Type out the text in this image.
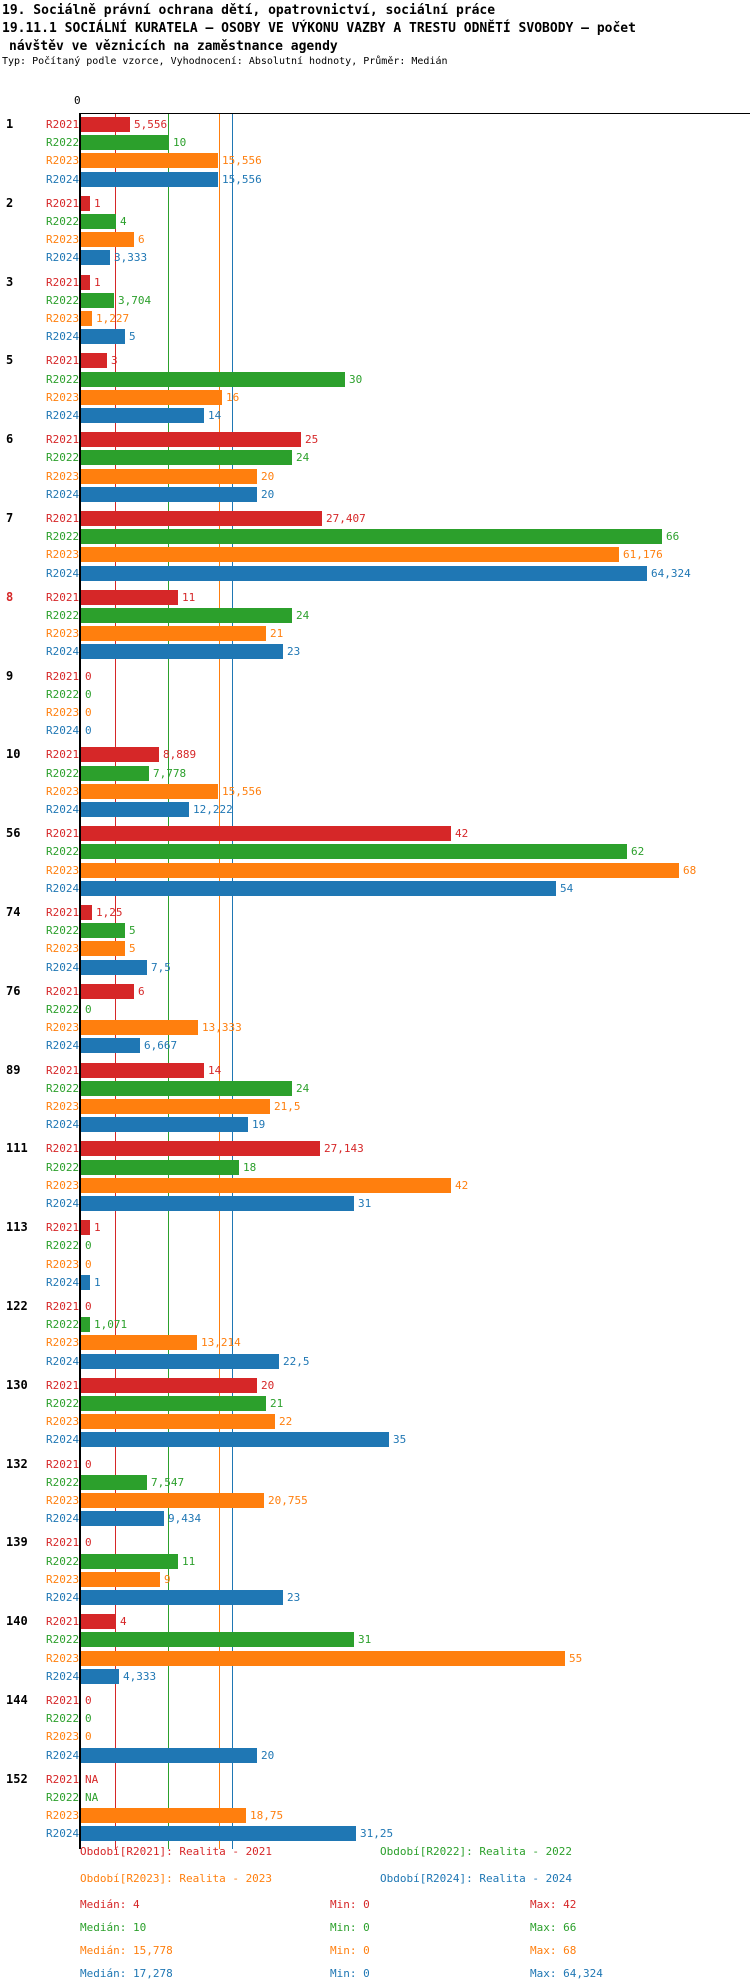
19. Sociálně právní ochrana dětí, opatrovnictví, sociální práce
19.11.1 SOCIÁLNÍ KURATELA — OSOBY VE VÝKONU VAZBY A TRESTU ODNĚTÍ SVOBODY — počet
návštěv ve věznicích na zaměstnance agendy
Typ: Počítaný podle vzorce, Vyhodnocení: Absolutní hodnoty, Průměr: Medián
0
1	R2021	5,556
R2022	10
R2023	15,556
R2024	15,556
2	R2021	1
R2022	4
R2023	6
R2024	3,333
3	R2021	1
R2022	3,704
R2023	1,227
R2024	5
5	R2021	3
R2022	30
R2023	16
R2024	14
6	R2021	25
R2022	24
R2023	20
R2024	20
7	R2021	27,407
R2022	66
R2023	61,176
R2024	64,324
8	R2021	11
R2022	24
R2023	21
R2024	23
9	R2021 0
R2022 0
R2023 0
R2024 0
10 R2021	8,889
R2022	7,778
R2023	15,556
R2024	12,222
56 R2021	42
R2022	62
R2023	68
R2024	54
74 R2021	1,25
R2022	5
R2023	5
R2024	7,5
76 R2021	6
R2022 0
R2023	13,333
R2024	6,667
89 R2021	14
R2022	24
R2023	21,5
R2024	19
111 R2021	27,143
R2022	18
R2023	42
R2024	31
113 R2021	1
R2022 0
R2023 0
R2024	1
122 R2021 0
R2022	1,071
R2023	13,214
R2024	22,5
130 R2021	20
R2022	21
R2023	22
R2024	35
132 R2021 0
R2022	7,547
R2023	20,755
R2024	9,434
139 R2021 0
R2022	11
R2023	9
R2024	23
140 R2021	4
R2022	31
R2023	55
R2024	4,333
144 R2021 0
R2022 0
R2023 0
R2024	20
152 R2021 NA
R2022 NA
R2023	18,75
R2024	31,25
Období[R2021]: Realita - 2021	Období[R2022]: Realita - 2022
Období[R2023]: Realita - 2023	Období[R2024]: Realita - 2024
Medián: 4	Min: 0	Max: 42
Medián: 10	Min: 0	Max: 66
Medián: 15,778	Min: 0	Max: 68
Medián: 17,278	Min: 0	Max: 64,324
